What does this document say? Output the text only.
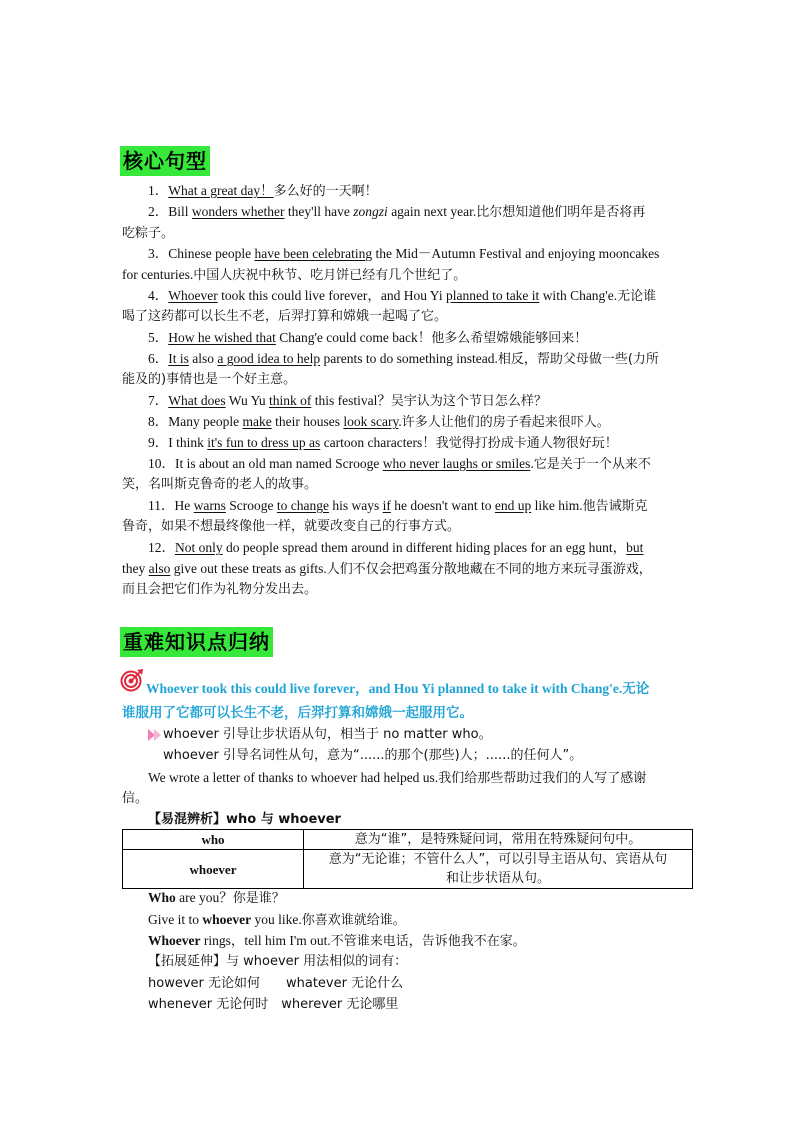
核心句型
1．What a great day！多么好的一天啊！
2．Bill wonders whether they'll have zongzi again next year.比尔想知道他们明年是否将再
吃粽子。
3．Chinese people have been celebrating the Mid－Autumn Festival and enjoying mooncakes
for centuries.中国人庆祝中秋节、吃月饼已经有几个世纪了。
4．Whoever took this could live forever，and Hou Yi planned to take it with Chang'e.无论谁
喝了这药都可以长生不老，后羿打算和嫦娥一起喝了它。
5．How he wished that Chang'e could come back！他多么希望嫦娥能够回来！
6．It is also a good idea to help parents to do something instead.相反，帮助父母做一些(力所
能及的)事情也是一个好主意。
7．What does Wu Yu think of this festival？吴宇认为这个节日怎么样？
8．Many people make their houses look scary.许多人让他们的房子看起来很吓人。
9．I think it's fun to dress up as cartoon characters！我觉得打扮成卡通人物很好玩！
10．It is about an old man named Scrooge who never laughs or smiles.它是关于一个从来不
笑，名叫斯克鲁奇的老人的故事。
11．He warns Scrooge to change his ways if he doesn't want to end up like him.他告诫斯克
鲁奇，如果不想最终像他一样，就要改变自己的行事方式。
12．Not only do people spread them around in different hiding places for an egg hunt，but
they also give out these treats as gifts.人们不仅会把鸡蛋分散地藏在不同的地方来玩寻蛋游戏，
而且会把它们作为礼物分发出去。
重难知识点归纳
Whoever took this could live forever，and Hou Yi planned to take it with Chang'e.无论
谁服用了它都可以长生不老，后羿打算和嫦娥一起服用它。
whoever 引导让步状语从句，相当于 no matter who。
whoever 引导名词性从句，意为“......的那个(那些)人；......的任何人”。
We wrote a letter of thanks to whoever had helped us.我们给那些帮助过我们的人写了感谢
信。
【易混辨析】who 与 whoever
who	意为“谁”，是特殊疑问词，常用在特殊疑问句中。
whoever	意为“无论谁；不管什么人”，可以引导主语从句、宾语从句
和让步状语从句。
Who are you？你是谁？
Give it to whoever you like.你喜欢谁就给谁。
Whoever rings，tell him I'm out.不管谁来电话，告诉他我不在家。
【拓展延伸】与 whoever 用法相似的词有：
however 无论如何　　whatever 无论什么
whenever 无论何时　wherever 无论哪里
